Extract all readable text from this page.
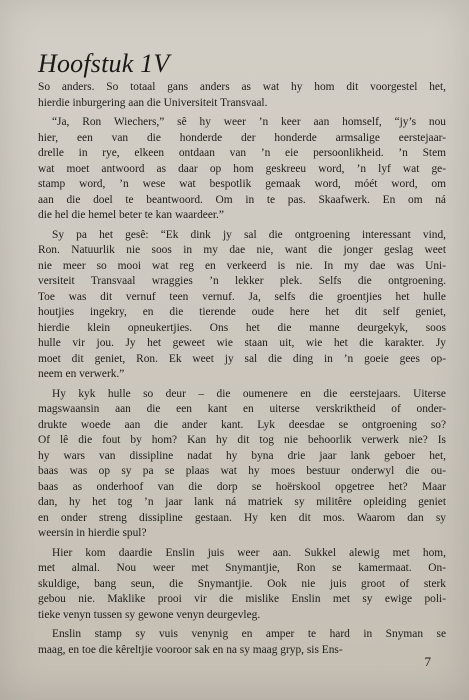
Hoofstuk 1V
So anders. So totaal gans anders as wat hy hom dit voorgestel het,
hierdie inburgering aan die Universiteit Transvaal.
“Ja, Ron Wiechers,” sê hy weer ’n keer aan homself, “jy’s nou
hier, een van die honderde der honderde armsalige eerstejaar-
drelle in rye, elkeen ontdaan van ’n eie persoonlikheid. ’n Stem
wat moet antwoord as daar op hom geskreeu word, ’n lyf wat ge-
stamp word, ’n wese wat bespotlik gemaak word, móét word, om
aan die doel te beantwoord. Om in te pas. Skaafwerk. En om ná
die hel die hemel beter te kan waardeer.”
Sy pa het gesê: “Ek dink jy sal die ontgroening interessant vind,
Ron. Natuurlik nie soos in my dae nie, want die jonger geslag weet
nie meer so mooi wat reg en verkeerd is nie. In my dae was Uni-
versiteit Transvaal wraggies ’n lekker plek. Selfs die ontgroening.
Toe was dit vernuf teen vernuf. Ja, selfs die groentjies het hulle
houtjies ingekry, en die tierende oude here het dit self geniet,
hierdie klein opneukertjies. Ons het die manne deurgekyk, soos
hulle vir jou. Jy het geweet wie staan uit, wie het die karakter. Jy
moet dit geniet, Ron. Ek weet jy sal die ding in ’n goeie gees op-
neem en verwerk.”
Hy kyk hulle so deur – die oumenere en die eerstejaars. Uiterse
magswaansin aan die een kant en uiterse verskriktheid of onder-
drukte woede aan die ander kant. Lyk deesdae se ontgroening so?
Of lê die fout by hom? Kan hy dit tog nie behoorlik verwerk nie? Is
hy wars van dissipline nadat hy byna drie jaar lank geboer het,
baas was op sy pa se plaas wat hy moes bestuur onderwyl die ou-
baas as onderhoof van die dorp se hoërskool opgetree het? Maar
dan, hy het tog ’n jaar lank ná matriek sy militêre opleiding geniet
en onder streng dissipline gestaan. Hy ken dit mos. Waarom dan sy
weersin in hierdie spul?
Hier kom daardie Enslin juis weer aan. Sukkel alewig met hom,
met almal. Nou weer met Snymantjie, Ron se kamermaat. On-
skuldige, bang seun, die Snymantjie. Ook nie juis groot of sterk
gebou nie. Maklike prooi vir die mislike Enslin met sy ewige poli-
tieke venyn tussen sy gewone venyn deurgevleg.
Enslin stamp sy vuis venynig en amper te hard in Snyman se
maag, en toe die kêreltjie vooroor sak en na sy maag gryp, sis Ens-
7
